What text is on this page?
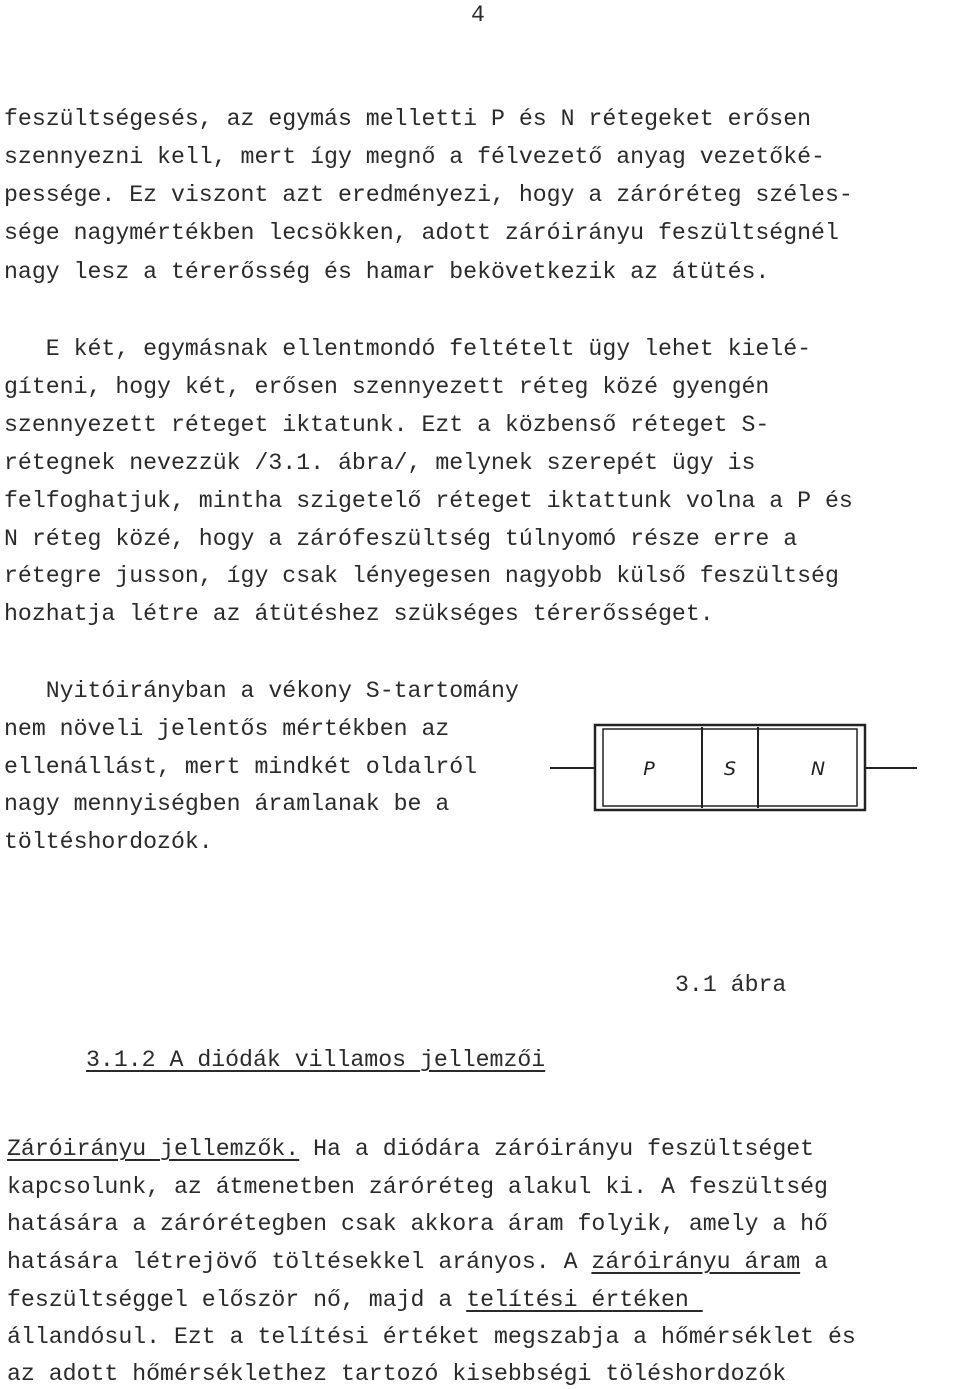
4
feszültségesés, az egymás melletti P és N rétegeket erősen
szennyezni kell, mert így megnő a félvezető anyag vezetőké-
pessége. Ez viszont azt eredményezi, hogy a záróréteg széles-
sége nagymértékben lecsökken, adott záróirányu feszültségnél
nagy lesz a térerősség és hamar bekövetkezik az átütés.
E két, egymásnak ellentmondó feltételt ügy lehet kielé-
gíteni, hogy két, erősen szennyezett réteg közé gyengén
szennyezett réteget iktatunk. Ezt a közbenső réteget S-
rétegnek nevezzük /3.1. ábra/, melynek szerepét ügy is
felfoghatjuk, mintha szigetelő réteget iktattunk volna a P és
N réteg közé, hogy a zárófeszültség túlnyomó része erre a
rétegre jusson, így csak lényegesen nagyobb külső feszültség
hozhatja létre az átütéshez szükséges térerősséget.
Nyitóirányban a vékony S-tartomány
nem növeli jelentős mértékben az
ellenállást, mert mindkét oldalról
nagy mennyiségben áramlanak be a
töltéshordozók.
P	S	N
3.1 ábra
3.1.2 A diódák villamos jellemzői
Záróirányu jellemzők. Ha a diódára záróirányu feszültséget
kapcsolunk, az átmenetben záróréteg alakul ki. A feszültség
hatására a zárórétegben csak akkora áram folyik, amely a hő
hatására létrejövő töltésekkel arányos. A záróirányu áram a
feszültséggel először nő, majd a telítési értéken
állandósul. Ezt a telítési értéket megszabja a hőmérséklet és
az adott hőmérséklethez tartozó kisebbségi töléshordozók
